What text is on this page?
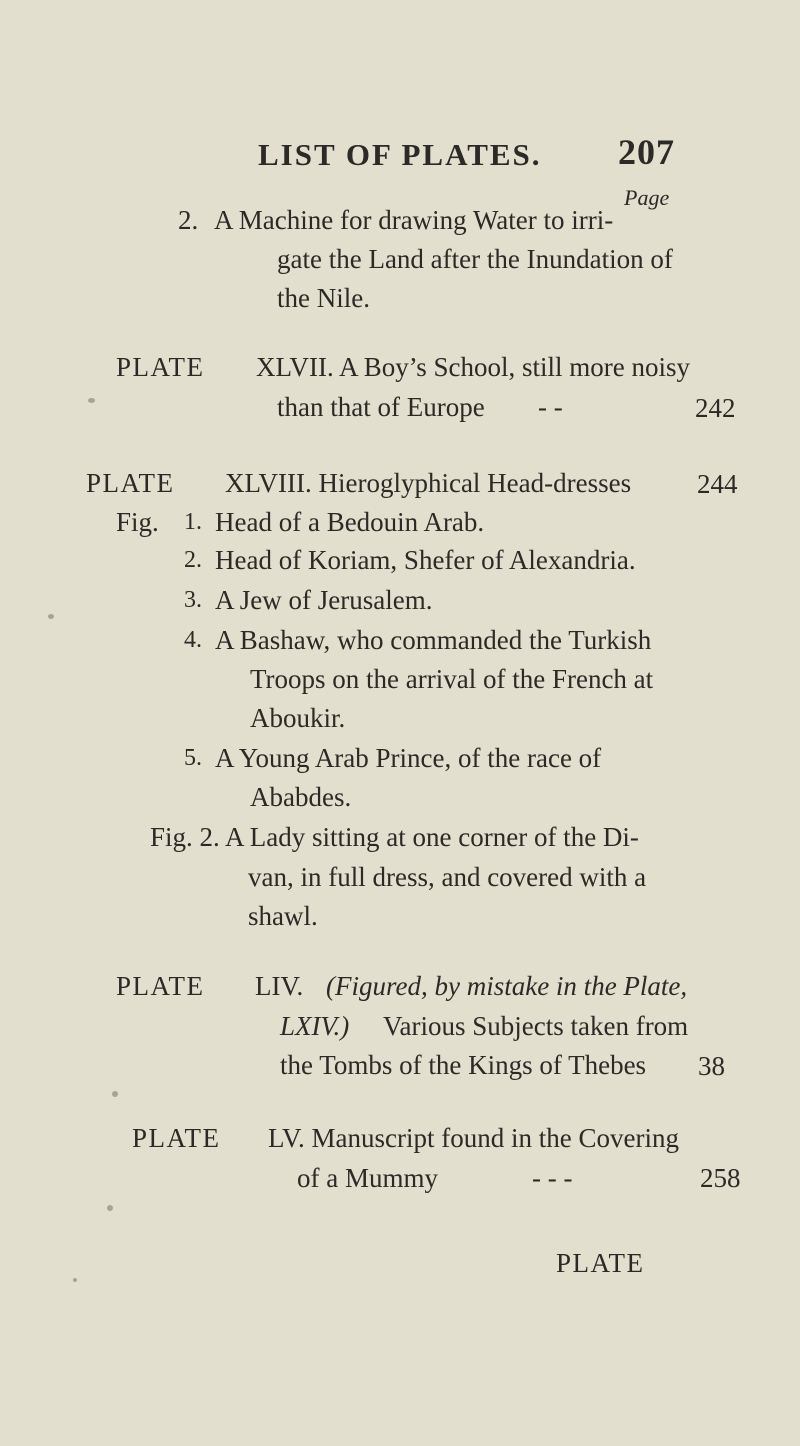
LIST OF PLATES. 207
Page
2. A Machine for drawing Water to irri-
gate the Land after the Inundation of
the Nile.
PLATE XLVII. A Boy’s School, still more noisy
than that of Europe - -	242
PLATE XLVIII. Hieroglyphical Head-dresses 244
Fig. 1. Head of a Bedouin Arab.
2. Head of Koriam, Shefer of Alexandria.
3. A Jew of Jerusalem.
4. A Bashaw, who commanded the Turkish
Troops on the arrival of the French at
Aboukir.
5. A Young Arab Prince, of the race of
Ababdes.
Fig. 2. A Lady sitting at one corner of the Di-
van, in full dress, and covered with a
shawl.
PLATE LIV. (Figured, by mistake in the Plate,
LXIV.) Various Subjects taken from
the Tombs of the Kings of Thebes 38
PLATE LV. Manuscript found in the Covering
of a Mummy	- - -	258
PLATE
